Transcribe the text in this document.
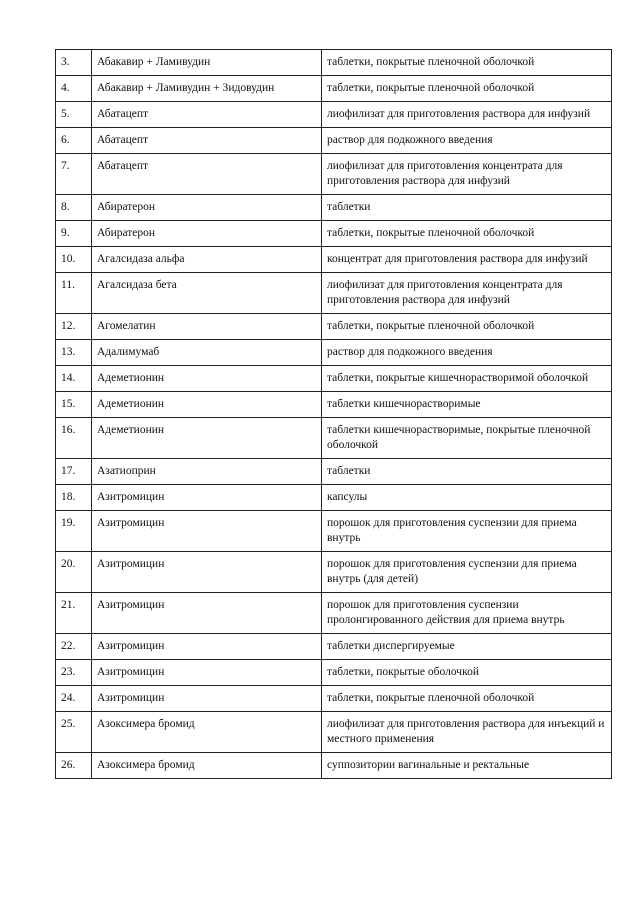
3.	Абакавир + Ламивудин	таблетки, покрытые пленочной оболочкой
4.	Абакавир + Ламивудин + Зидовудин	таблетки, покрытые пленочной оболочкой
5.	Абатацепт	лиофилизат для приготовления раствора для инфузий
6.	Абатацепт	раствор для подкожного введения
7.	Абатацепт	лиофилизат для приготовления концентрата для приготовления раствора для инфузий
8.	Абиратерон	таблетки
9.	Абиратерон	таблетки, покрытые пленочной оболочкой
10.	Агалсидаза альфа	концентрат для приготовления раствора для инфузий
11.	Агалсидаза бета	лиофилизат для приготовления концентрата для приготовления раствора для инфузий
12.	Агомелатин	таблетки, покрытые пленочной оболочкой
13.	Адалимумаб	раствор для подкожного введения
14.	Адеметионин	таблетки, покрытые кишечнорастворимой оболочкой
15.	Адеметионин	таблетки кишечнорастворимые
16.	Адеметионин	таблетки кишечнорастворимые, покрытые пленочной оболочкой
17.	Азатиоприн	таблетки
18.	Азитромицин	капсулы
19.	Азитромицин	порошок для приготовления суспензии для приема внутрь
20.	Азитромицин	порошок для приготовления суспензии для приема внутрь (для детей)
21.	Азитромицин	порошок для приготовления суспензии пролонгированного действия для приема внутрь
22.	Азитромицин	таблетки диспергируемые
23.	Азитромицин	таблетки, покрытые оболочкой
24.	Азитромицин	таблетки, покрытые пленочной оболочкой
25.	Азоксимера бромид	лиофилизат для приготовления раствора для инъекций и местного применения
26.	Азоксимера бромид	суппозитории вагинальные и ректальные
